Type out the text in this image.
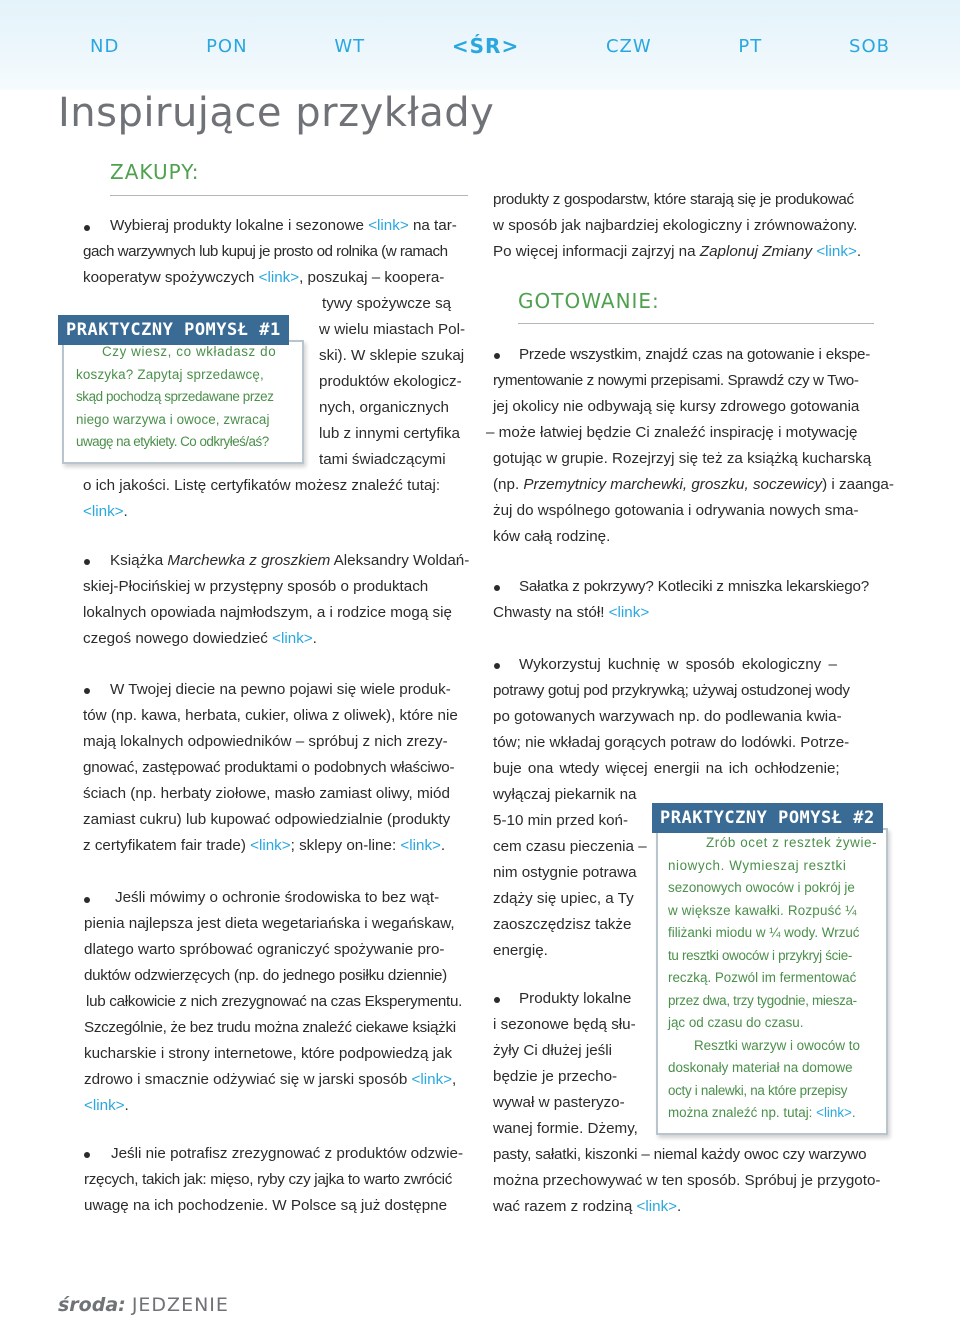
ND	PON	WT	<ŚR>	CZW	PT	SOB
Inspirujące przykłady
ZAKUPY:
Wybieraj produkty lokalne i sezonowe <link> na tar-
gach warzywnych lub kupuj je prosto od rolnika (w ramach
kooperatyw spożywczych <link>, poszukaj – koopera-
tywy spożywcze są
w wielu miastach Pol-
ski). W sklepie szukaj
produktów ekologicz-
nych, organicznych
lub z innymi certyfika
tami świadczącymi
o ich jakości. Listę certyfikatów możesz znaleźć tutaj:
<link>.
PRAKTYCZNY POMYSŁ #1
Czy wiesz, co wkładasz do
koszyka? Zapytaj sprzedawcę,
skąd pochodzą sprzedawane przez
niego warzywa i owoce, zwracaj
uwagę na etykiety. Co odkryłeś/aś?
Książka Marchewka z groszkiem Aleksandry Woldań-
skiej-Płocińskiej w przystępny sposób o produktach
lokalnych opowiada najmłodszym, a i rodzice mogą się
czegoś nowego dowiedzieć <link>.
W Twojej diecie na pewno pojawi się wiele produk-
tów (np. kawa, herbata, cukier, oliwa z oliwek), które nie
mają lokalnych odpowiedników – spróbuj z nich zrezy-
gnować, zastępować produktami o podobnych właściwo-
ściach (np. herbaty ziołowe, masło zamiast oliwy, miód
zamiast cukru) lub kupować odpowiedzialnie (produkty
z certyfikatem fair trade) <link>; sklepy on-line: <link>.
Jeśli mówimy o ochronie środowiska to bez wąt-
pienia najlepsza jest dieta wegetariańska i wegańskaw,
dlatego warto spróbować ograniczyć spożywanie pro-
duktów odzwierzęcych (np. do jednego posiłku dziennie)
lub całkowicie z nich zrezygnować na czas Eksperymentu.
Szczególnie, że bez trudu można znaleźć ciekawe książki
kucharskie i strony internetowe, które podpowiedzą jak
zdrowo i smacznie odżywiać się w jarski sposób <link>,
<link>.
Jeśli nie potrafisz zrezygnować z produktów odzwie-
rzęcych, takich jak: mięso, ryby czy jajka to warto zwrócić
uwagę na ich pochodzenie. W Polsce są już dostępne
produkty z gospodarstw, które starają się je produkować
w sposób jak najbardziej ekologiczny i zrównoważony.
Po więcej informacji zajrzyj na Zaplonuj Zmiany <link>.
GOTOWANIE:
Przede wszystkim, znajdź czas na gotowanie i ekspe-
rymentowanie z nowymi przepisami. Sprawdź czy w Two-
jej okolicy nie odbywają się kursy zdrowego gotowania
– może łatwiej będzie Ci znaleźć inspirację i motywację
gotując w grupie. Rozejrzyj się też za książką kucharską
(np. Przemytnicy marchewki, groszku, soczewicy) i zaanga-
żuj do wspólnego gotowania i odrywania nowych sma-
ków całą rodzinę.
Sałatka z pokrzywy? Kotleciki z mniszka lekarskiego?
Chwasty na stół! <link>
Wykorzystuj kuchnię w sposób ekologiczny –
potrawy gotuj pod przykrywką; używaj ostudzonej wody
po gotowanych warzywach np. do podlewania kwia-
tów; nie wkładaj gorących potraw do lodówki. Potrze-
buje ona wtedy więcej energii na ich ochłodzenie;
wyłączaj piekarnik na
5-10 min przed koń-
cem czasu pieczenia –
nim ostygnie potrawa
zdąży się upiec, a Ty
zaoszczędzisz także
energię.
Produkty lokalne
i sezonowe będą słu-
żyły Ci dłużej jeśli
będzie je przecho-
wywał w pasteryzo-
wanej formie. Dżemy,
pasty, sałatki, kiszonki – niemal każdy owoc czy warzywo
można przechowywać w ten sposób. Spróbuj je przygoto-
wać razem z rodziną <link>.
PRAKTYCZNY POMYSŁ #2
Zrób ocet z resztek żywie-
niowych. Wymieszaj resztki
sezonowych owoców i pokrój je
w większe kawałki. Rozpuść ¼
filiżanki miodu w ¼ wody. Wrzuć
tu resztki owoców i przykryj ście-
reczką. Pozwól im fermentować
przez dwa, trzy tygodnie, miesza-
jąc od czasu do czasu.
Resztki warzyw i owoców to
doskonały materiał na domowe
octy i nalewki, na które przepisy
można znaleźć np. tutaj: <link>.
środa: JEDZENIE
